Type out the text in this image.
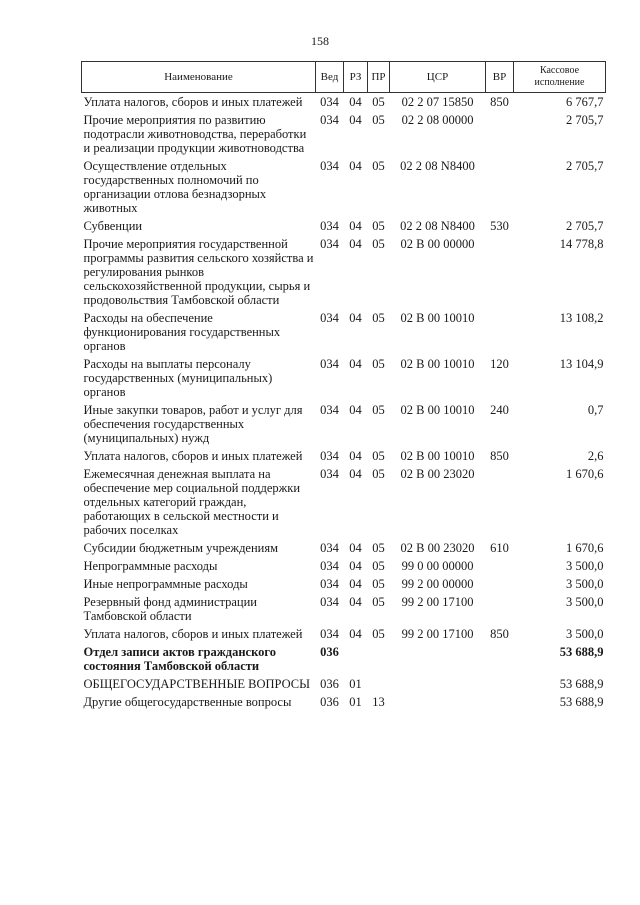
158
Наименование	Вед	РЗ	ПР	ЦСР	ВР	Кассовое исполнение
Уплата налогов, сборов и иных платежей	034	04	05	02 2 07 15850	850	6 767,7
Прочие мероприятия по развитию подотрасли животноводства, переработки и реализации продукции животноводства	034	04	05	02 2 08 00000		2 705,7
Осуществление отдельных государственных полномочий по организации отлова безнадзорных животных	034	04	05	02 2 08 N8400		2 705,7
Субвенции	034	04	05	02 2 08 N8400	530	2 705,7
Прочие мероприятия государственной программы развития сельского хозяйства и регулирования рынков сельскохозяйственной продукции, сырья и продовольствия Тамбовской области	034	04	05	02 В 00 00000		14 778,8
Расходы на обеспечение функционирования государственных органов	034	04	05	02 В 00 10010		13 108,2
Расходы на выплаты персоналу государственных (муниципальных) органов	034	04	05	02 В 00 10010	120	13 104,9
Иные закупки товаров, работ и услуг для обеспечения государственных (муниципальных) нужд	034	04	05	02 В 00 10010	240	0,7
Уплата налогов, сборов и иных платежей	034	04	05	02 В 00 10010	850	2,6
Ежемесячная денежная выплата на обеспечение мер социальной поддержки отдельных категорий граждан, работающих в сельской местности и рабочих поселках	034	04	05	02 В 00 23020		1 670,6
Субсидии бюджетным учреждениям	034	04	05	02 В 00 23020	610	1 670,6
Непрограммные расходы	034	04	05	99 0 00 00000		3 500,0
Иные непрограммные расходы	034	04	05	99 2 00 00000		3 500,0
Резервный фонд администрации Тамбовской области	034	04	05	99 2 00 17100		3 500,0
Уплата налогов, сборов и иных платежей	034	04	05	99 2 00 17100	850	3 500,0
Отдел записи актов гражданского состояния Тамбовской области	036					53 688,9
ОБЩЕГОСУДАРСТВЕННЫЕ ВОПРОСЫ	036	01				53 688,9
Другие общегосударственные вопросы	036	01	13			53 688,9
